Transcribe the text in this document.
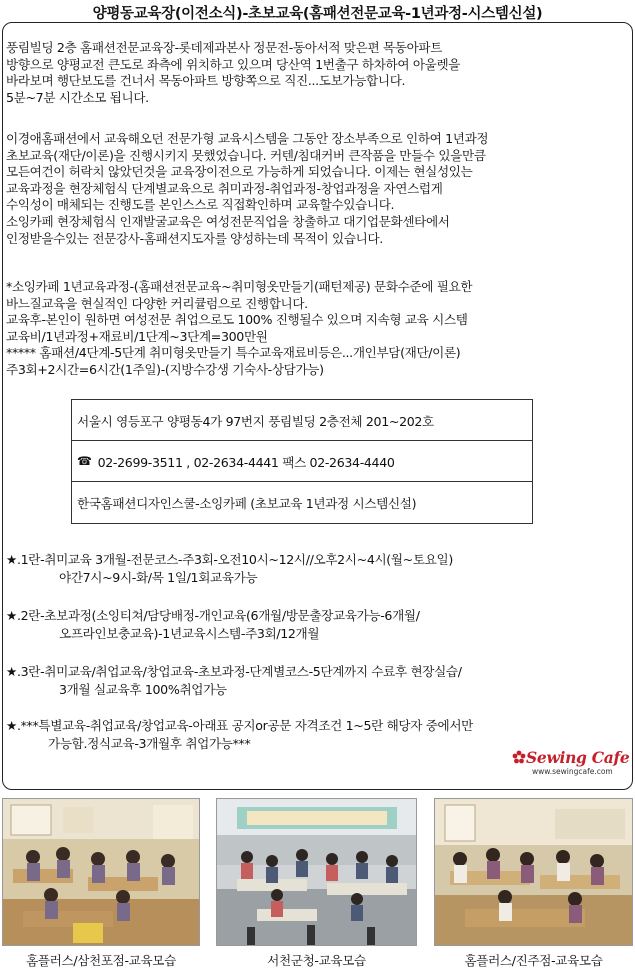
양평동교육장(이전소식)-초보교육(홈패션전문교육-1년과정-시스템신설)
풍림빌딩 2층 홈패션전문교육장-롯데제과본사 정문전-동아서적 맞은편 목동아파트
방향으로 양평교전 큰도로 좌측에 위치하고 있으며 당산역 1번출구 하차하여 아울렛을
바라보며 행단보도를 건너서 목동아파트 방향쪽으로 직진...도보가능합니다.
5분~7분 시간소모 됩니다.
이경애홈패션에서 교육해오던 전문가형 교육시스템을 그동안 장소부족으로 인하여 1년과정
초보교육(재단/이론)을 진행시키지 못했었습니다. 커텐/침대커버 큰작품을 만들수 있을만큼
모든여건이 허락치 않았던것을 교육장이전으로 가능하게 되었습니다. 이제는 현실성있는
교육과정을 현장체험식 단계별교육으로 취미과정-취업과정-창업과정을 자연스럽게
수익성이 매체되는 진행도를 본인스스로 직접확인하며 교육할수있습니다.
소잉카페 현장체험식 인재발굴교육은 여성전문직업을 창출하고 대기업문화센타에서
인정받을수있는 전문강사-홈패션지도자를 양성하는데 목적이 있습니다.
*소잉카페 1년교육과정-(홈패션전문교육~취미형옷만들기(패턴제공) 문화수준에 필요한
바느질교육을 현실적인 다양한 커리큘럼으로 진행합니다.
교육후-본인이 원하면 여성전문 취업으로도 100% 진행될수 있으며 지속형 교육 시스템
교육비/1년과정+재료비/1단계~3단계=300만원
***** 홈패션/4단계-5단계 취미형옷만들기 특수교육재료비등은...개인부담(재단/이론)
주3회+2시간=6시간(1주일)-(지방수강생 기숙사-상담가능)
서울시 영등포구 양평동4가 97번지 풍림빌딩 2층전체 201~202호
☎ 02-2699-3511 , 02-2634-4441 팩스 02-2634-4440
한국홈패션디자인스쿨-소잉카페 (초보교육 1년과정 시스템신설)
★.1란-취미교육 3개월-전문코스-주3회-오전10시~12시//오후2시~4시(월~토요일)
야간7시~9시-화/목 1일/1회교육가능
★.2란-초보과정(소잉티쳐/담당배정-개인교육(6개월/방문출장교육가능-6개월/
오프라인보충교육)-1년교육시스템-주3회/12개월
★.3란-취미교육/취업교육/창업교육-초보과정-단계별코스-5단계까지 수료후 현장실습/
3개월 실교육후 100%취업가능
★.***특별교육-취업교육/창업교육-아래표 공지or공문 자격조건 1~5란 해당자 중에서만
가능함.정식교육-3개월후 취업가능***
Sewing Cafe
www.sewingcafe.com
홈플러스/삼천포점-교육모습	서천군청-교육모습	홈플러스/진주점-교육모습
